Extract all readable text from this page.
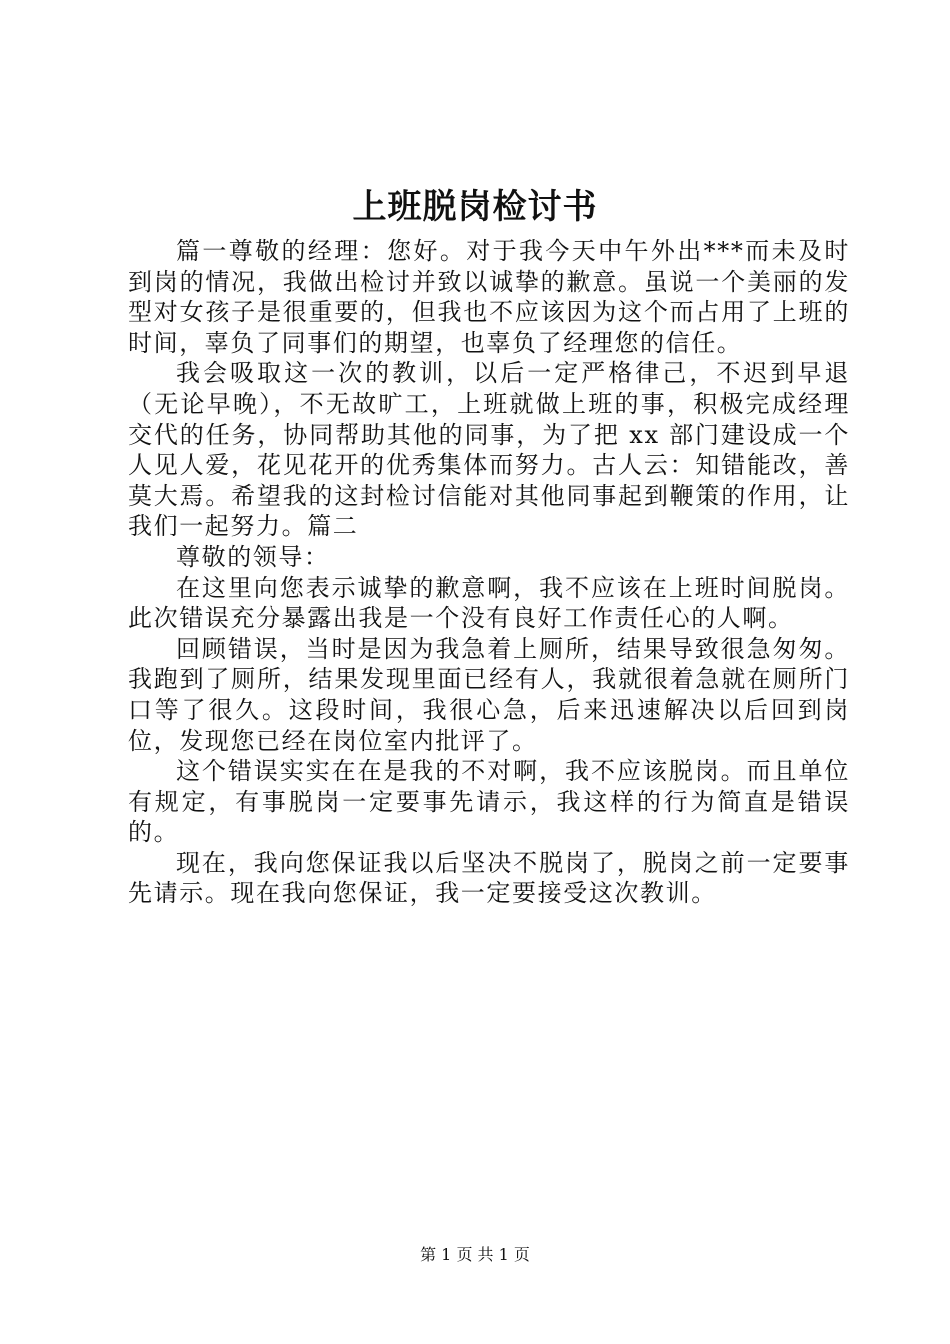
上班脱岗检讨书

篇一尊敬的经理：您好。对于我今天中午外出***而未及时到岗的情况，我做出检讨并致以诚挚的歉意。虽说一个美丽的发型对女孩子是很重要的，但我也不应该因为这个而占用了上班的时间，辜负了同事们的期望，也辜负了经理您的信任。

我会吸取这一次的教训，以后一定严格律己，不迟到早退（无论早晚），不无故旷工，上班就做上班的事，积极完成经理交代的任务，协同帮助其他的同事，为了把 xx 部门建设成一个人见人爱，花见花开的优秀集体而努力。古人云：知错能改，善莫大焉。希望我的这封检讨信能对其他同事起到鞭策的作用，让我们一起努力。篇二

尊敬的领导：

在这里向您表示诚挚的歉意啊，我不应该在上班时间脱岗。此次错误充分暴露出我是一个没有良好工作责任心的人啊。

回顾错误，当时是因为我急着上厕所，结果导致很急匆匆。我跑到了厕所，结果发现里面已经有人，我就很着急就在厕所门口等了很久。这段时间，我很心急，后来迅速解决以后回到岗位，发现您已经在岗位室内批评了。

这个错误实实在在是我的不对啊，我不应该脱岗。而且单位有规定，有事脱岗一定要事先请示，我这样的行为简直是错误的。

现在，我向您保证我以后坚决不脱岗了，脱岗之前一定要事先请示。现在我向您保证，我一定要接受这次教训。

第 1 页 共 1 页
